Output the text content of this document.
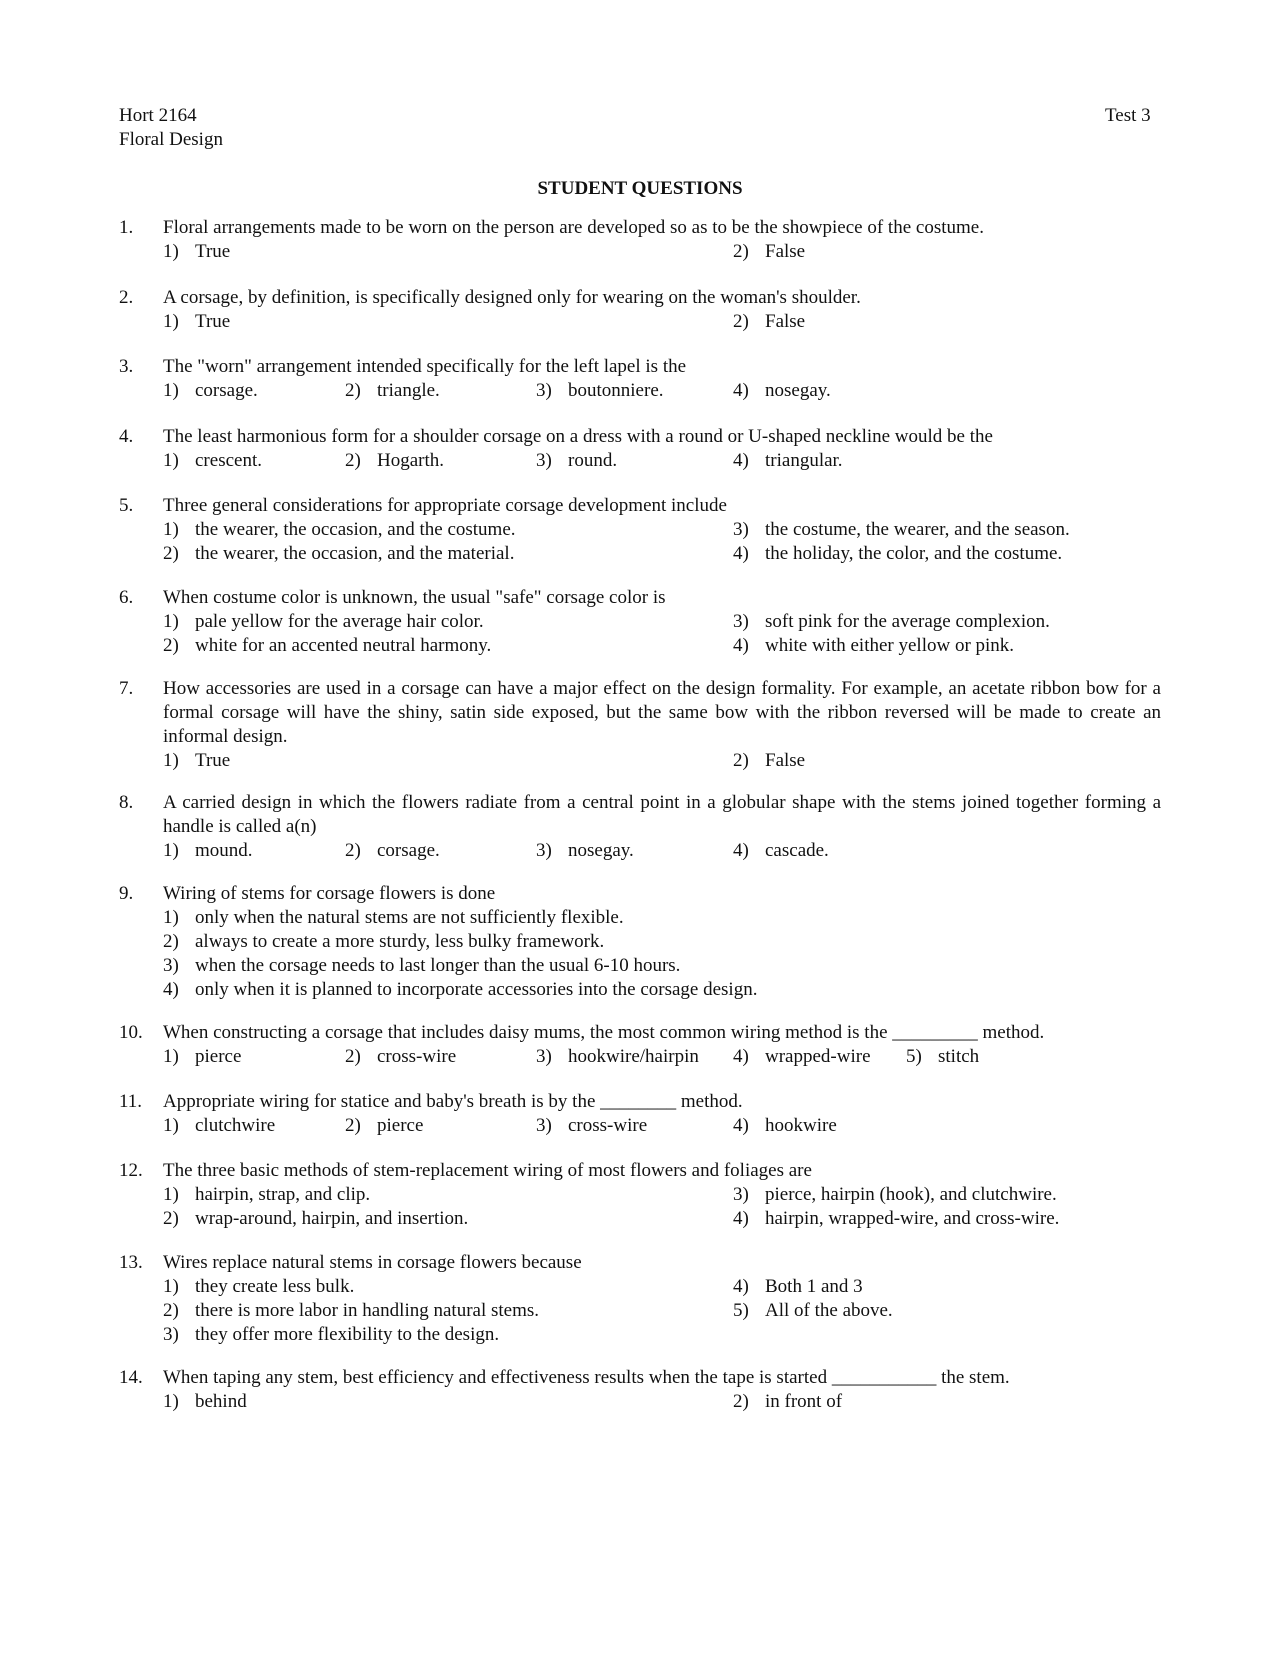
Hort 2164
Floral Design
Test 3
STUDENT QUESTIONS
1. Floral arrangements made to be worn on the person are developed so as to be the showpiece of the costume.
1) True	2) False
2. A corsage, by definition, is specifically designed only for wearing on the woman's shoulder.
1) True	2) False
3. The "worn" arrangement intended specifically for the left lapel is the
1) corsage.	2) triangle.	3) boutonniere.	4) nosegay.
4. The least harmonious form for a shoulder corsage on a dress with a round or U-shaped neckline would be the
1) crescent.	2) Hogarth.	3) round.	4) triangular.
5. Three general considerations for appropriate corsage development include
1) the wearer, the occasion, and the costume.	3) the costume, the wearer, and the season.
2) the wearer, the occasion, and the material.	4) the holiday, the color, and the costume.
6. When costume color is unknown, the usual "safe" corsage color is
1) pale yellow for the average hair color.	3) soft pink for the average complexion.
2) white for an accented neutral harmony.	4) white with either yellow or pink.
7. How accessories are used in a corsage can have a major effect on the design formality. For example, an acetate ribbon bow for a formal corsage will have the shiny, satin side exposed, but the same bow with the ribbon reversed will be made to create an informal design.
1) True	2) False
8. A carried design in which the flowers radiate from a central point in a globular shape with the stems joined together forming a handle is called a(n)
1) mound.	2) corsage.	3) nosegay.	4) cascade.
9. Wiring of stems for corsage flowers is done
1) only when the natural stems are not sufficiently flexible.
2) always to create a more sturdy, less bulky framework.
3) when the corsage needs to last longer than the usual 6-10 hours.
4) only when it is planned to incorporate accessories into the corsage design.
10. When constructing a corsage that includes daisy mums, the most common wiring method is the _________ method.
1) pierce	2) cross-wire	3) hookwire/hairpin 4) wrapped-wire 5) stitch
11. Appropriate wiring for statice and baby's breath is by the ________ method.
1) clutchwire	2) pierce	3) cross-wire	4) hookwire
12. The three basic methods of stem-replacement wiring of most flowers and foliages are
1) hairpin, strap, and clip.	3) pierce, hairpin (hook), and clutchwire.
2) wrap-around, hairpin, and insertion.	4) hairpin, wrapped-wire, and cross-wire.
13. Wires replace natural stems in corsage flowers because
1) they create less bulk.	4) Both 1 and 3
2) there is more labor in handling natural stems.	5) All of the above.
3) they offer more flexibility to the design.
14. When taping any stem, best efficiency and effectiveness results when the tape is started ___________ the stem.
1) behind	2) in front of
